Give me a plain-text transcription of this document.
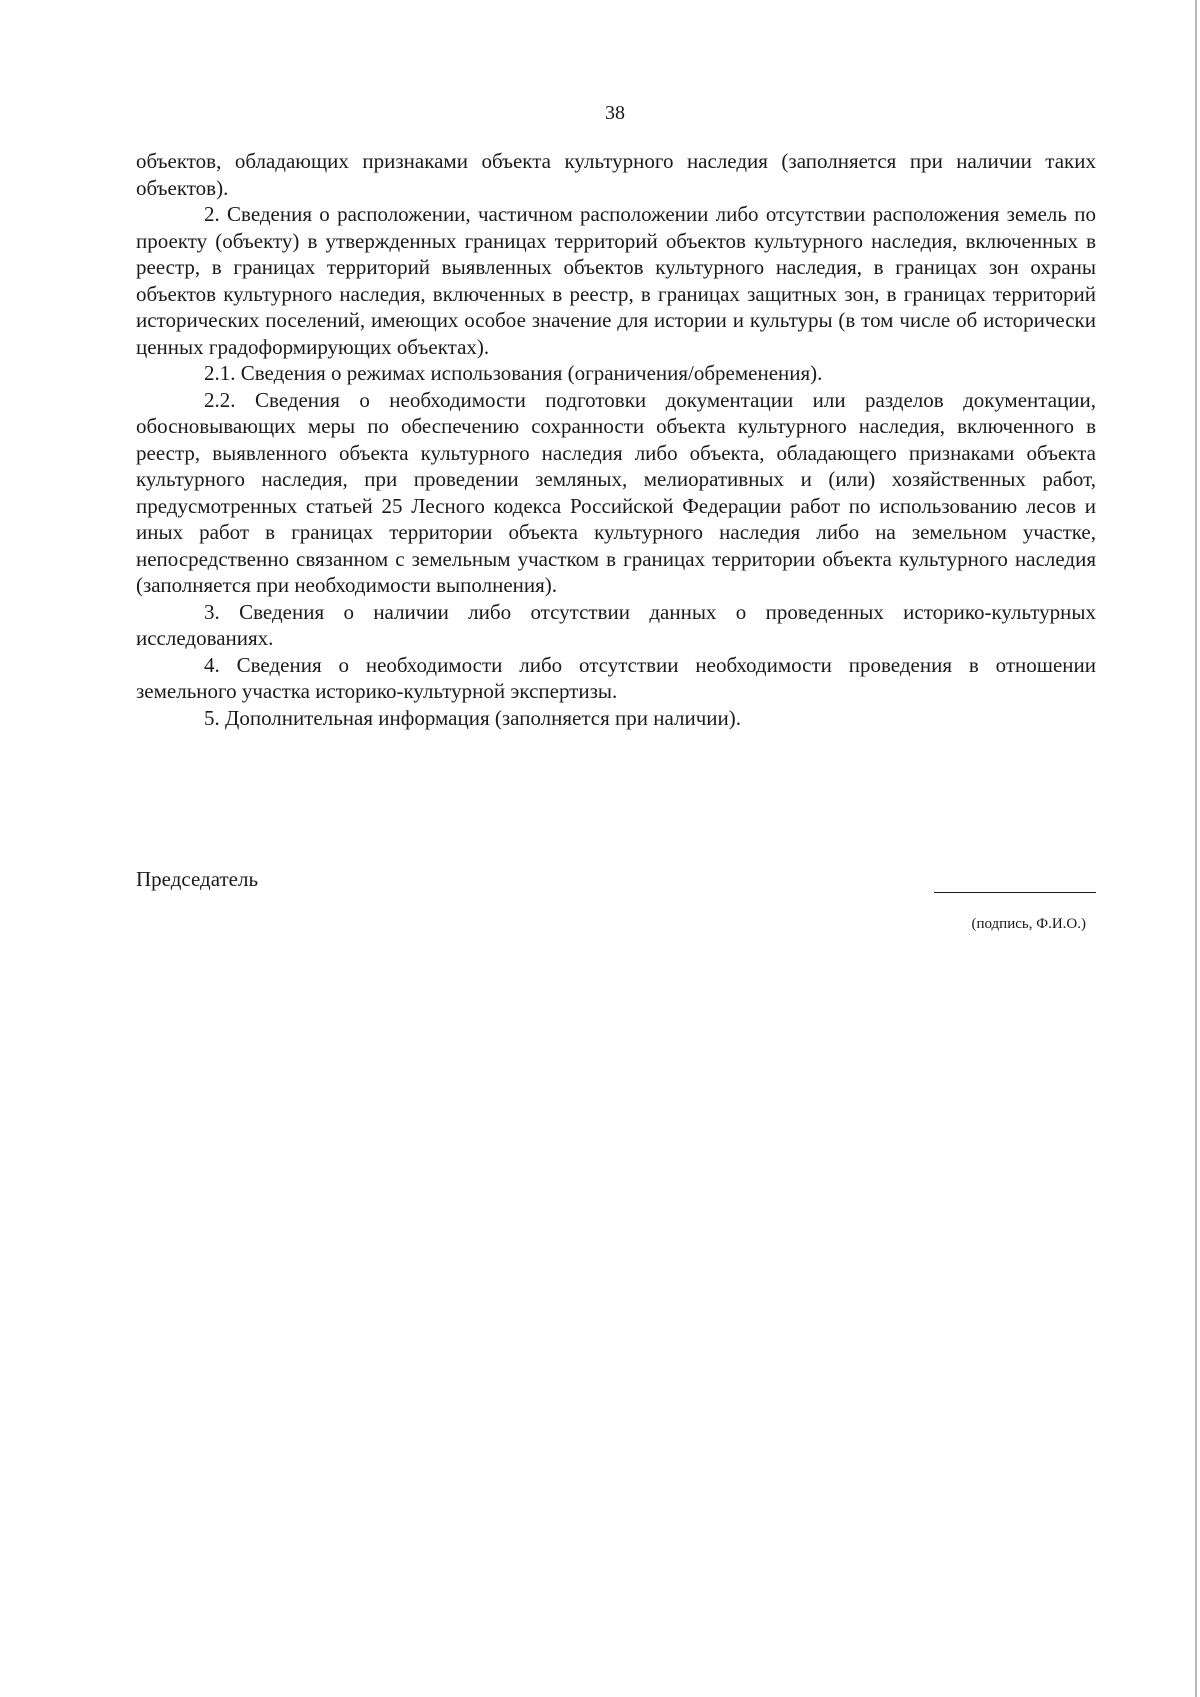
38

объектов, обладающих признаками объекта культурного наследия (заполняется при наличии таких объектов).

2. Сведения о расположении, частичном расположении либо отсутствии расположения земель по проекту (объекту) в утвержденных границах территорий объектов культурного наследия, включенных в реестр, в границах территорий выявленных объектов культурного наследия, в границах зон охраны объектов культурного наследия, включенных в реестр, в границах защитных зон, в границах территорий исторических поселений, имеющих особое значение для истории и культуры (в том числе об исторически ценных градоформирующих объектах).

2.1. Сведения о режимах использования (ограничения/обременения).

2.2. Сведения о необходимости подготовки документации или разделов документации, обосновывающих меры по обеспечению сохранности объекта культурного наследия, включенного в реестр, выявленного объекта культурного наследия либо объекта, обладающего признаками объекта культурного наследия, при проведении земляных, мелиоративных и (или) хозяйственных работ, предусмотренных статьей 25 Лесного кодекса Российской Федерации работ по использованию лесов и иных работ в границах территории объекта культурного наследия либо на земельном участке, непосредственно связанном с земельным участком в границах территории объекта культурного наследия (заполняется при необходимости выполнения).

3. Сведения о наличии либо отсутствии данных о проведенных историко-культурных исследованиях.

4. Сведения о необходимости либо отсутствии необходимости проведения в отношении земельного участка историко-культурной экспертизы.

5. Дополнительная информация (заполняется при наличии).

Председатель
(подпись, Ф.И.О.)
